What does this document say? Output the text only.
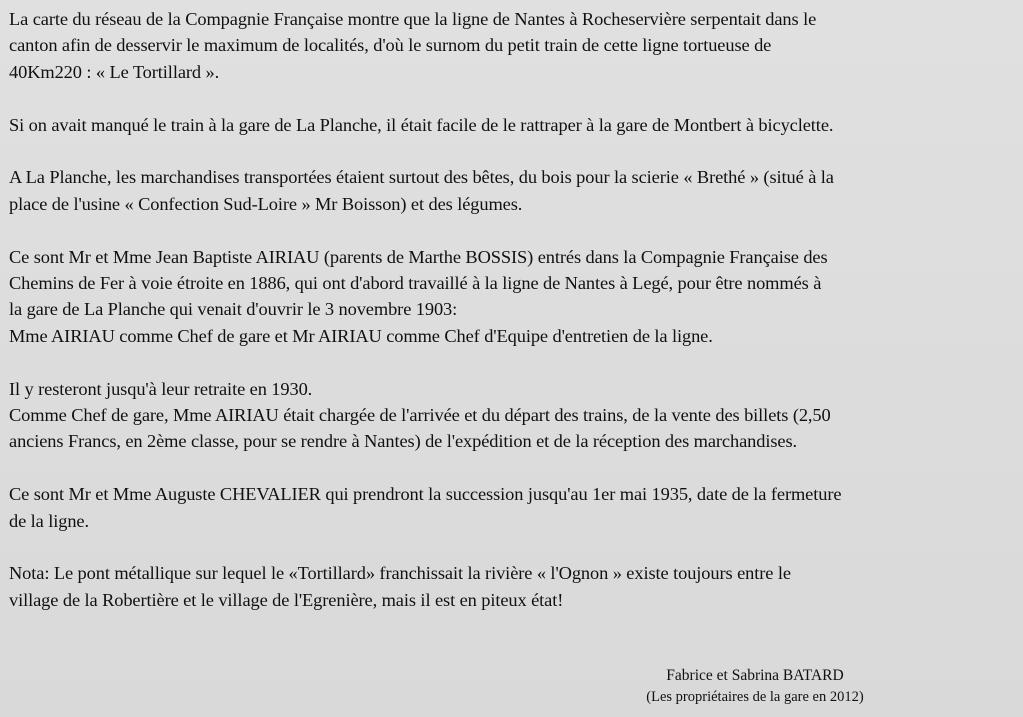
La carte du réseau de la Compagnie Française montre que la ligne de Nantes à Rocheservière serpentait dans le
canton afin de desservir le maximum de localités, d'où le surnom du petit train de cette ligne tortueuse de
40Km220 : « Le Tortillard ».

Si on avait manqué le train à la gare de La Planche, il était facile de le rattraper à la gare de Montbert à bicyclette.

A La Planche, les marchandises transportées étaient surtout des bêtes, du bois pour la scierie « Brethé » (situé à la
place de l'usine « Confection Sud-Loire » Mr Boisson) et des légumes.

Ce sont Mr et Mme Jean Baptiste AIRIAU (parents de Marthe BOSSIS) entrés dans la Compagnie Française des
Chemins de Fer à voie étroite en 1886, qui ont d'abord travaillé à la ligne de Nantes à Legé, pour être nommés à
la gare de La Planche qui venait d'ouvrir le 3 novembre 1903:
Mme AIRIAU comme Chef de gare et Mr AIRIAU comme Chef d'Equipe d'entretien de la ligne.

Il y resteront jusqu'à leur retraite en 1930.
Comme Chef de gare, Mme AIRIAU était chargée de l'arrivée et du départ des trains, de la vente des billets (2,50
anciens Francs, en 2ème classe, pour se rendre à Nantes) de l'expédition et de la réception des marchandises.

Ce sont Mr et Mme Auguste CHEVALIER qui prendront la succession jusqu'au 1er mai 1935, date de la fermeture
de la ligne.

Nota: Le pont métallique sur lequel le «Tortillard» franchissait la rivière « l'Ognon » existe toujours entre le
village de la Robertière et le village de l'Egrenière, mais il est en piteux état!

Fabrice et Sabrina BATARD
(Les propriétaires de la gare en 2012)
